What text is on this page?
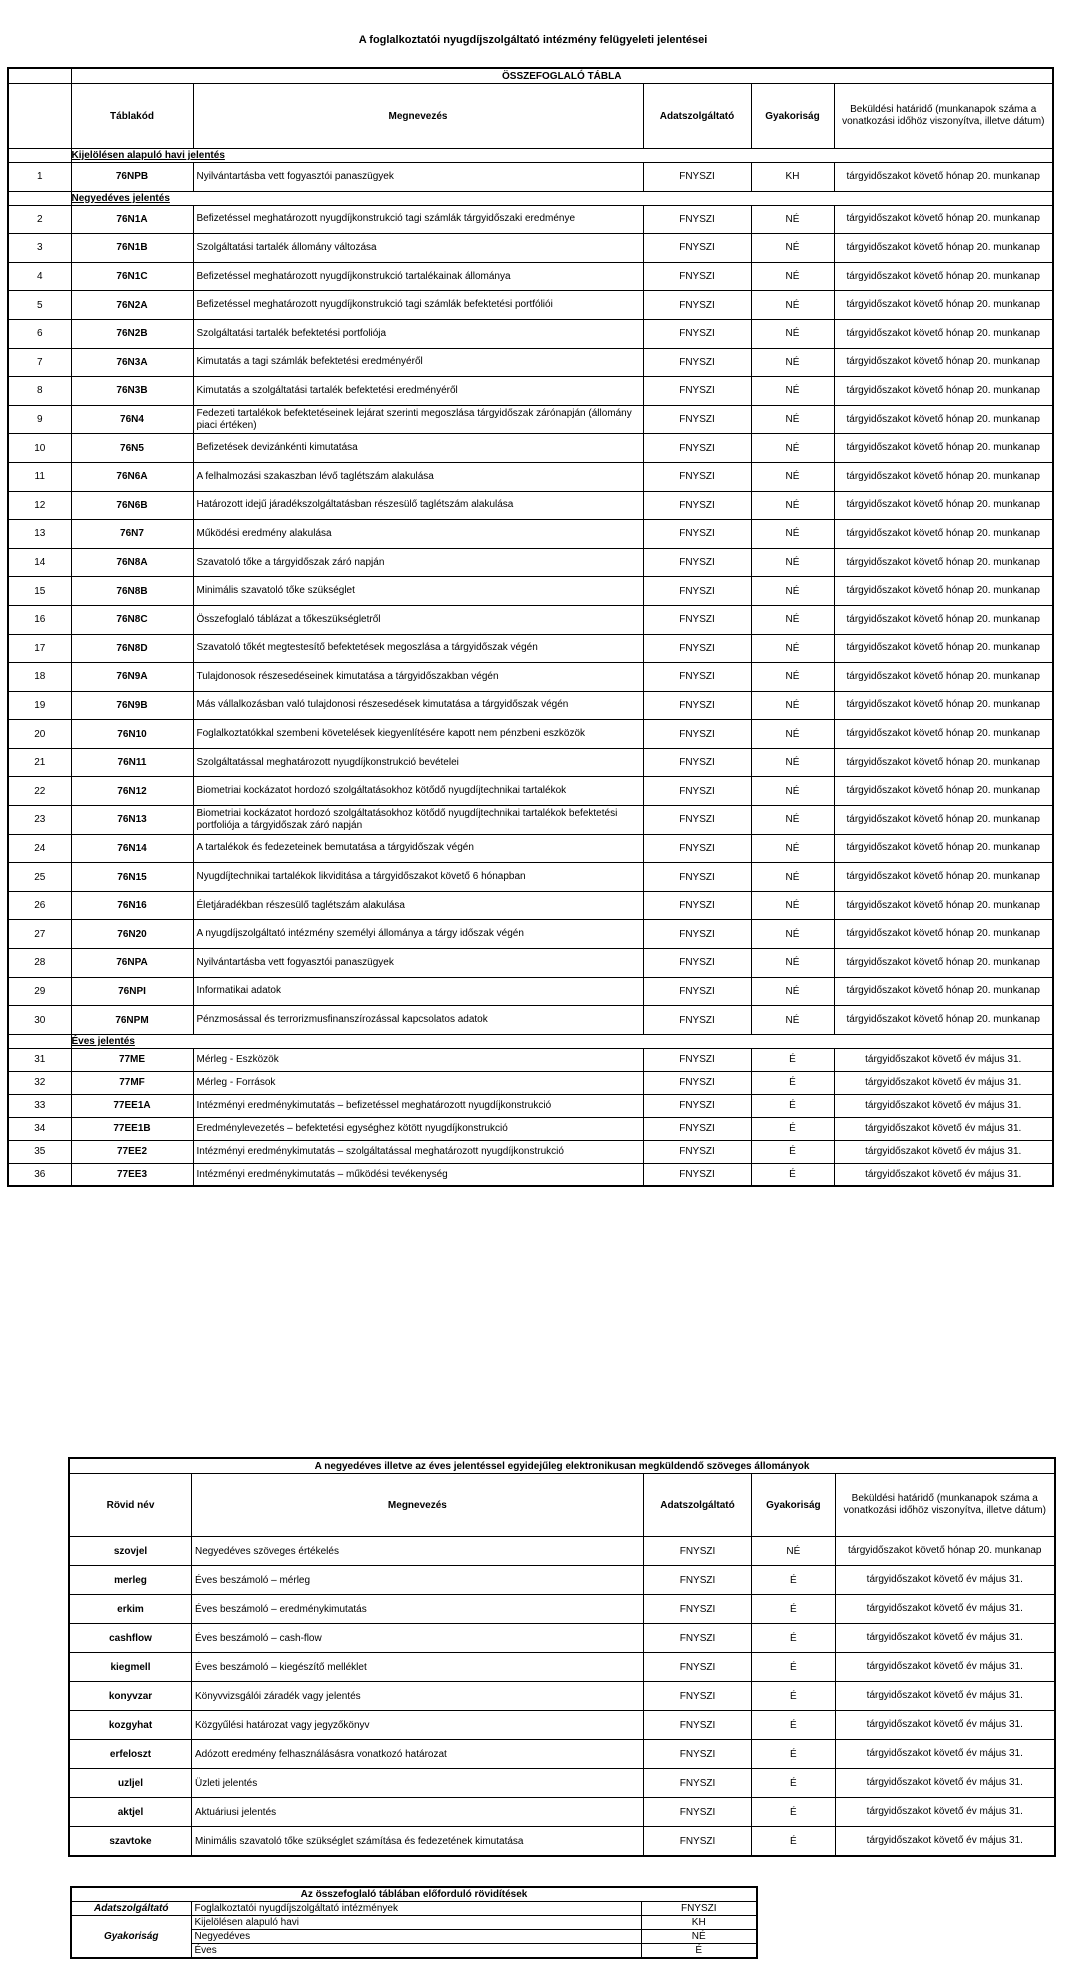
A foglalkoztatói nyugdíjszolgáltató intézmény felügyeleti jelentései
	ÖSSZEFOGLALÓ TÁBLA				
	Táblakód	Megnevezés	Adatszolgáltató	Gyakoriság	Beküldési határidő (munkanapok száma a vonatkozási időhöz viszonyítva, illetve dátum)
	Kijelölésen alapuló havi jelentés				
1	76NPB	Nyilvántartásba vett fogyasztói panaszügyek	FNYSZI	KH	tárgyidőszakot követő hónap 20. munkanap
	Negyedéves jelentés				
2	76N1A	Befizetéssel meghatározott nyugdíjkonstrukció tagi számlák tárgyidőszaki eredménye	FNYSZI	NÉ	tárgyidőszakot követő hónap 20. munkanap
3	76N1B	Szolgáltatási tartalék állomány változása	FNYSZI	NÉ	tárgyidőszakot követő hónap 20. munkanap
4	76N1C	Befizetéssel meghatározott nyugdíjkonstrukció tartalékainak állománya	FNYSZI	NÉ	tárgyidőszakot követő hónap 20. munkanap
5	76N2A	Befizetéssel meghatározott nyugdíjkonstrukció tagi számlák befektetési portfóliói	FNYSZI	NÉ	tárgyidőszakot követő hónap 20. munkanap
6	76N2B	Szolgáltatási tartalék befektetési portfoliója	FNYSZI	NÉ	tárgyidőszakot követő hónap 20. munkanap
7	76N3A	Kimutatás a tagi számlák befektetési eredményéről	FNYSZI	NÉ	tárgyidőszakot követő hónap 20. munkanap
8	76N3B	Kimutatás a szolgáltatási tartalék befektetési eredményéről	FNYSZI	NÉ	tárgyidőszakot követő hónap 20. munkanap
9	76N4	Fedezeti tartalékok befektetéseinek lejárat szerinti megoszlása tárgyidőszak zárónapján (állomány piaci értéken)	FNYSZI	NÉ	tárgyidőszakot követő hónap 20. munkanap
10	76N5	Befizetések devizánkénti kimutatása	FNYSZI	NÉ	tárgyidőszakot követő hónap 20. munkanap
11	76N6A	A felhalmozási szakaszban lévő taglétszám alakulása	FNYSZI	NÉ	tárgyidőszakot követő hónap 20. munkanap
12	76N6B	Határozott idejű járadékszolgáltatásban részesülő taglétszám alakulása	FNYSZI	NÉ	tárgyidőszakot követő hónap 20. munkanap
13	76N7	Működési eredmény alakulása	FNYSZI	NÉ	tárgyidőszakot követő hónap 20. munkanap
14	76N8A	Szavatoló tőke a tárgyidőszak záró napján	FNYSZI	NÉ	tárgyidőszakot követő hónap 20. munkanap
15	76N8B	Minimális szavatoló tőke szükséglet	FNYSZI	NÉ	tárgyidőszakot követő hónap 20. munkanap
16	76N8C	Összefoglaló táblázat a tőkeszükségletről	FNYSZI	NÉ	tárgyidőszakot követő hónap 20. munkanap
17	76N8D	Szavatoló tőkét megtestesítő befektetések megoszlása a tárgyidőszak végén	FNYSZI	NÉ	tárgyidőszakot követő hónap 20. munkanap
18	76N9A	Tulajdonosok részesedéseinek kimutatása a tárgyidőszakban végén	FNYSZI	NÉ	tárgyidőszakot követő hónap 20. munkanap
19	76N9B	Más vállalkozásban való tulajdonosi részesedések kimutatása a tárgyidőszak végén	FNYSZI	NÉ	tárgyidőszakot követő hónap 20. munkanap
20	76N10	Foglalkoztatókkal szembeni követelések kiegyenlítésére kapott nem pénzbeni eszközök	FNYSZI	NÉ	tárgyidőszakot követő hónap 20. munkanap
21	76N11	Szolgáltatással meghatározott nyugdíjkonstrukció bevételei	FNYSZI	NÉ	tárgyidőszakot követő hónap 20. munkanap
22	76N12	Biometriai kockázatot hordozó szolgáltatásokhoz kötődő nyugdíjtechnikai tartalékok	FNYSZI	NÉ	tárgyidőszakot követő hónap 20. munkanap
23	76N13	Biometriai kockázatot hordozó szolgáltatásokhoz kötődő nyugdíjtechnikai tartalékok befektetési portfoliója a tárgyidőszak záró napján	FNYSZI	NÉ	tárgyidőszakot követő hónap 20. munkanap
24	76N14	A tartalékok és fedezeteinek bemutatása a tárgyidőszak végén	FNYSZI	NÉ	tárgyidőszakot követő hónap 20. munkanap
25	76N15	Nyugdíjtechnikai tartalékok likviditása a tárgyidőszakot követő 6 hónapban	FNYSZI	NÉ	tárgyidőszakot követő hónap 20. munkanap
26	76N16	Életjáradékban részesülő taglétszám alakulása	FNYSZI	NÉ	tárgyidőszakot követő hónap 20. munkanap
27	76N20	A nyugdíjszolgáltató intézmény személyi állománya a tárgy időszak végén	FNYSZI	NÉ	tárgyidőszakot követő hónap 20. munkanap
28	76NPA	Nyilvántartásba vett fogyasztói panaszügyek	FNYSZI	NÉ	tárgyidőszakot követő hónap 20. munkanap
29	76NPI	Informatikai adatok	FNYSZI	NÉ	tárgyidőszakot követő hónap 20. munkanap
30	76NPM	Pénzmosással és terrorizmusfinanszírozással kapcsolatos adatok	FNYSZI	NÉ	tárgyidőszakot követő hónap 20. munkanap
	Éves jelentés				
31	77ME	Mérleg - Eszközök	FNYSZI	É	tárgyidőszakot követő év május 31.
32	77MF	Mérleg - Források	FNYSZI	É	tárgyidőszakot követő év május 31.
33	77EE1A	Intézményi eredménykimutatás – befizetéssel meghatározott nyugdíjkonstrukció	FNYSZI	É	tárgyidőszakot követő év május 31.
34	77EE1B	Eredménylevezetés – befektetési egységhez kötött nyugdíjkonstrukció	FNYSZI	É	tárgyidőszakot követő év május 31.
35	77EE2	Intézményi eredménykimutatás – szolgáltatással meghatározott nyugdíjkonstrukció	FNYSZI	É	tárgyidőszakot követő év május 31.
36	77EE3	Intézményi eredménykimutatás – működési tevékenység	FNYSZI	É	tárgyidőszakot követő év május 31.
A negyedéves illetve az éves jelentéssel egyidejűleg elektronikusan megküldendő szöveges állományok				
Rövid név	Megnevezés	Adatszolgáltató	Gyakoriság	Beküldési határidő (munkanapok száma a vonatkozási időhöz viszonyítva, illetve dátum)
szovjel	Negyedéves szöveges értékelés	FNYSZI	NÉ	tárgyidőszakot követő hónap 20. munkanap
merleg	Éves beszámoló – mérleg	FNYSZI	É	tárgyidőszakot követő év május 31.
erkim	Éves beszámoló – eredménykimutatás	FNYSZI	É	tárgyidőszakot követő év május 31.
cashflow	Éves beszámoló – cash-flow	FNYSZI	É	tárgyidőszakot követő év május 31.
kiegmell	Éves beszámoló – kiegészítő melléklet	FNYSZI	É	tárgyidőszakot követő év május 31.
konyvzar	Könyvvizsgálói záradék vagy jelentés	FNYSZI	É	tárgyidőszakot követő év május 31.
kozgyhat	Közgyűlési határozat vagy jegyzőkönyv	FNYSZI	É	tárgyidőszakot követő év május 31.
erfeloszt	Adózott eredmény felhasználásásra vonatkozó határozat	FNYSZI	É	tárgyidőszakot követő év május 31.
uzljel	Üzleti jelentés	FNYSZI	É	tárgyidőszakot követő év május 31.
aktjel	Aktuáriusi jelentés	FNYSZI	É	tárgyidőszakot követő év május 31.
szavtoke	Minimális szavatoló tőke szükséglet számítása és fedezetének kimutatása	FNYSZI	É	tárgyidőszakot követő év május 31.
Az összefoglaló táblában előforduló rövidítések		
Adatszolgáltató	Foglalkoztatói nyugdíjszolgáltató intézmények	FNYSZI
Gyakoriság	Kijelölésen alapuló havi	KH
	Negyedéves	NÉ
	Éves	É
